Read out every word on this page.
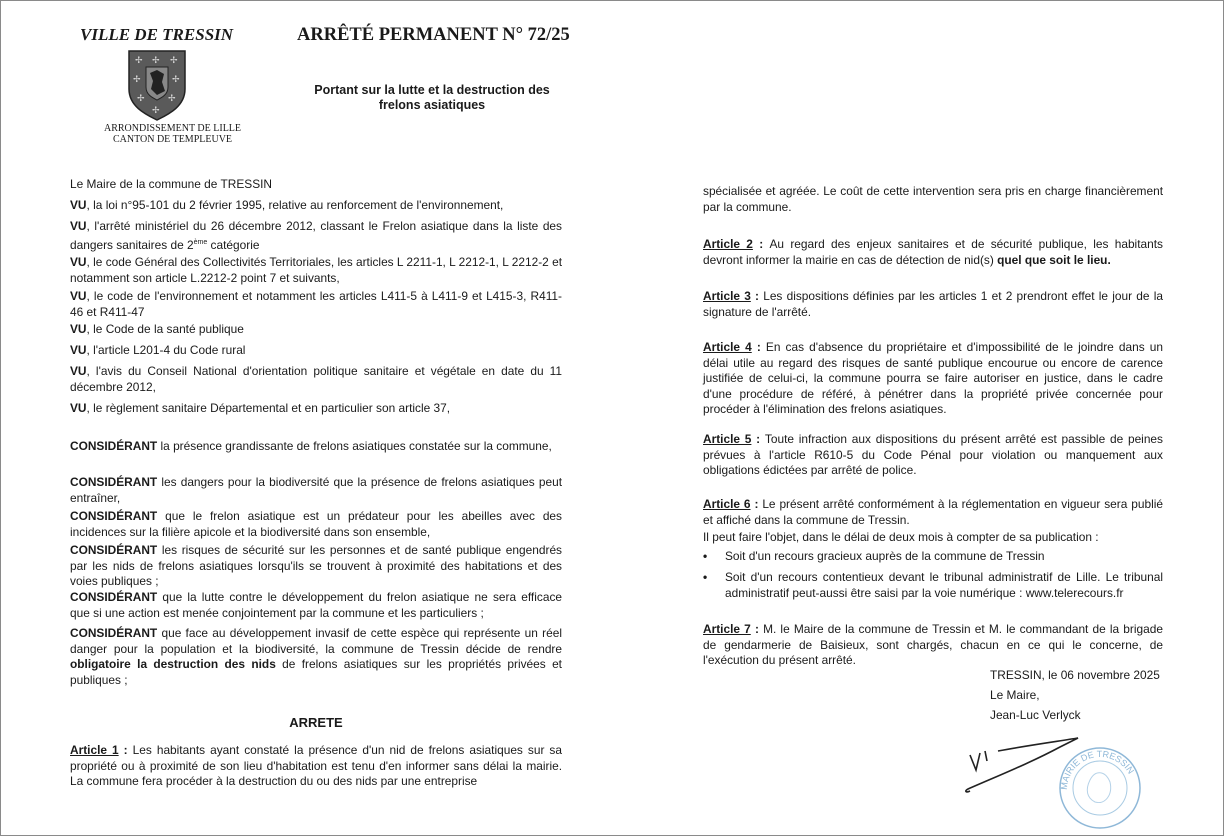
VILLE DE TRESSIN
✢ ✢ ✢
✢	✢
✢	✢
✢
ARRONDISSEMENT DE LILLE
CANTON DE TEMPLEUVE
ARRÊTÉ PERMANENT N° 72/25
Portant sur la lutte et la destruction des
frelons asiatiques

Le Maire de la commune de TRESSIN

VU, la loi n°95-101 du 2 février 1995, relative au renforcement de l'environnement,

VU, l'arrêté ministériel du 26 décembre 2012, classant le Frelon asiatique dans la liste des dangers sanitaires de 2ème catégorie

VU, le code Général des Collectivités Territoriales, les articles L 2211-1, L 2212-1, L 2212-2 et notamment son article L.2212-2 point 7 et suivants,

VU, le code de l'environnement et notamment les articles L411-5 à L411-9 et L415-3, R411-46 et R411-47

VU, le Code de la santé publique

VU, l'article L201-4 du Code rural

VU, l'avis du Conseil National d'orientation politique sanitaire et végétale en date du 11 décembre 2012,

VU, le règlement sanitaire Départemental et en particulier son article 37,

CONSIDÉRANT la présence grandissante de frelons asiatiques constatée sur la commune,

CONSIDÉRANT les dangers pour la biodiversité que la présence de frelons asiatiques peut entraîner,

CONSIDÉRANT que le frelon asiatique est un prédateur pour les abeilles avec des incidences sur la filière apicole et la biodiversité dans son ensemble,

CONSIDÉRANT les risques de sécurité sur les personnes et de santé publique engendrés par les nids de frelons asiatiques lorsqu'ils se trouvent à proximité des habitations et des voies publiques ;

CONSIDÉRANT que la lutte contre le développement du frelon asiatique ne sera efficace que si une action est menée conjointement par la commune et les particuliers ;

CONSIDÉRANT que face au développement invasif de cette espèce qui représente un réel danger pour la population et la biodiversité, la commune de Tressin décide de rendre obligatoire la destruction des nids de frelons asiatiques sur les propriétés privées et publiques ;

ARRETE

Article 1 : Les habitants ayant constaté la présence d'un nid de frelons asiatiques sur sa propriété ou à proximité de son lieu d'habitation est tenu d'en informer sans délai la mairie. La commune fera procéder à la destruction du ou des nids par une entreprise

spécialisée et agréée. Le coût de cette intervention sera pris en charge financièrement par la commune.

Article 2 : Au regard des enjeux sanitaires et de sécurité publique, les habitants devront informer la mairie en cas de détection de nid(s) quel que soit le lieu.

Article 3 : Les dispositions définies par les articles 1 et 2 prendront effet le jour de la signature de l'arrêté.

Article 4 : En cas d'absence du propriétaire et d'impossibilité de le joindre dans un délai utile au regard des risques de santé publique encourue ou encore de carence justifiée de celui-ci, la commune pourra se faire autoriser en justice, dans le cadre d'une procédure de référé, à pénétrer dans la propriété privée concernée pour procéder à l'élimination des frelons asiatiques.

Article 5 : Toute infraction aux dispositions du présent arrêté est passible de peines prévues à l'article R610-5 du Code Pénal pour violation ou manquement aux obligations édictées par arrêté de police.

Article 6 : Le présent arrêté conformément à la réglementation en vigueur sera publié et affiché dans la commune de Tressin.

Il peut faire l'objet, dans le délai de deux mois à compter de sa publication :

• Soit d'un recours gracieux auprès de la commune de Tressin
• Soit d'un recours contentieux devant le tribunal administratif de Lille. Le tribunal administratif peut-aussi être saisi par la voie numérique : www.telerecours.fr

Article 7 : M. le Maire de la commune de Tressin et M. le commandant de la brigade de gendarmerie de Baisieux, sont chargés, chacun en ce qui le concerne, de l'exécution du présent arrêté.

TRESSIN, le 06 novembre 2025
Le Maire,
Jean-Luc Verlyck
MAIRIE DE TRESSIN
